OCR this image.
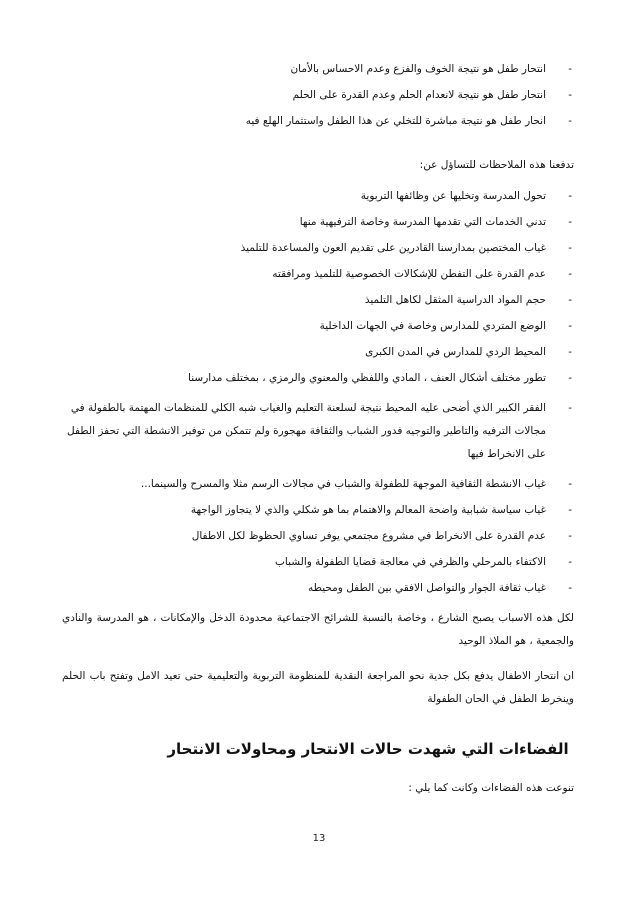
- انتحار طفل هو نتيجة الخوف والفزع وعدم الاحساس بالأمان
- انتحار طفل هو نتيجة لانعدام الحلم وعدم القدرة على الحلم
- انحار طفل هو نتيجة مباشرة للتخلي عن هذا الطفل واستثمار الهلع فيه

تدفعنا هذه الملاحظات للتساؤل عن:

- تحول المدرسة وتخليها عن وظائفها التربوية
- تدني الخدمات التي تقدمها المدرسة وخاصة الترفيهية منها
- غياب المختصين بمدارسنا القادرين على تقديم العون والمساعدة للتلميذ
- عدم القدرة على التفطن للإشكالات الخصوصية للتلميذ ومرافقته
- حجم المواد الدراسية المثقل لكاهل التلميذ
- الوضع المتردي للمدارس وخاصة في الجهات الداخلية
- المحيط الردي للمدارس في المدن الكبرى
- تطور مختلف أشكال العنف ، المادي واللفظي والمعنوي والرمزي ، بمختلف مدارسنا
- الفقر الكبير الذي أضحى عليه المحيط نتيجة لسلعنة التعليم والغياب شبه الكلي للمنظمات المهتمة بالطفولة في مجالات الترفيه والتاطير والتوجيه فدور الشباب والثقافة مهجورة ولم تتمكن من توفير الانشطة التي تحفز الطفل على الانخراط فيها
- غياب الانشطة الثقافية الموجهة للطفولة والشباب في مجالات الرسم مثلا والمسرح والسينما...
- غياب سياسة شبابية واضحة المعالم والاهتمام بما هو شكلي والذي لا يتجاوز الواجهة
- عدم القدرة على الانخراط في مشروع مجتمعي يوفر تساوي الحظوظ لكل الاطفال
- الاكتفاء بالمرحلي والظرفي في معالجة قضايا الطفولة والشباب
- غياب ثقافة الجوار والتواصل الافقي بين الطفل ومحيطه

لكل هذه الاسباب يصبح الشارع ، وخاصة بالنسبة للشرائح الاجتماعية محدودة الدخل والإمكانات ، هو المدرسة والنادي والجمعية ، هو الملاذ الوحيد

ان انتحار الاطفال يدفع بكل جدية نحو المراجعة النقدية للمنظومة التربوية والتعليمية حتى تعيد الامل وتفتح باب الحلم وينخرط الطفل في الحان الطفولة

الفضاءات التي شهدت حالات الانتحار ومحاولات الانتحار

تنوعت هذه الفضاءات وكانت كما يلي :

13
